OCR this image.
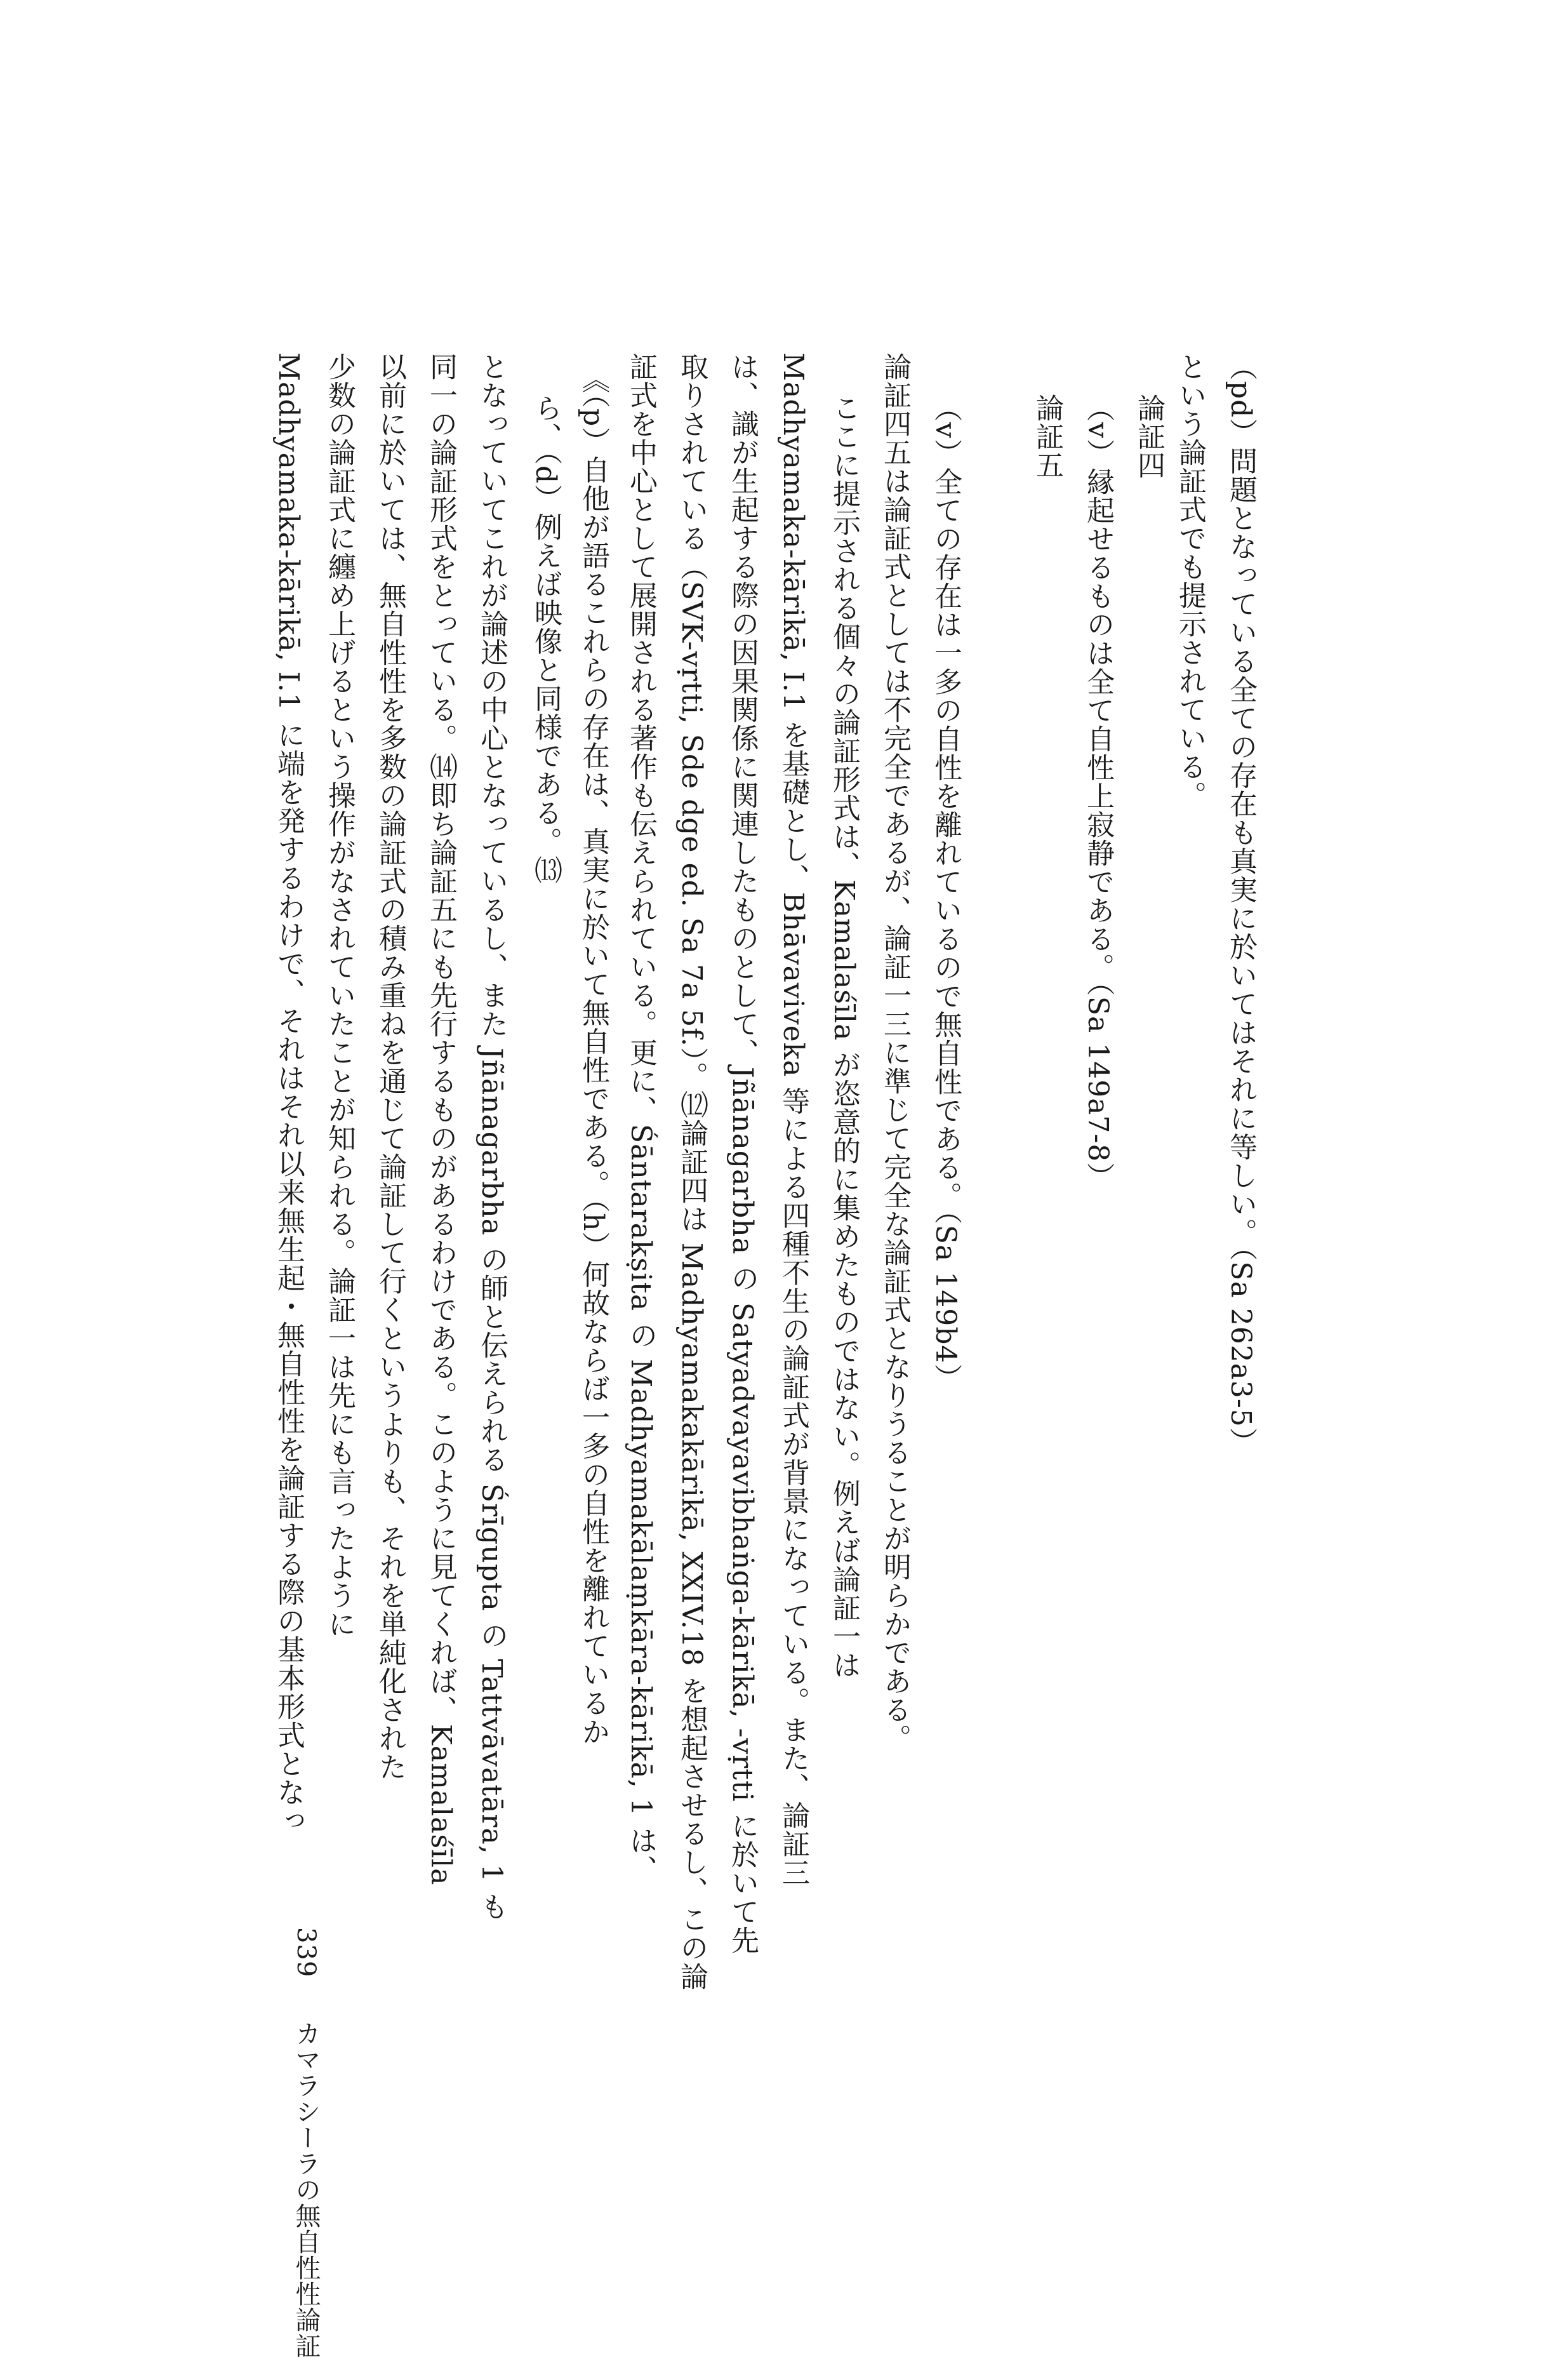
（pd）問題となっている全ての存在も真実に於いてはそれに等しい。（Sa 262a3-5）
という論証式でも提示されている。
論証四
（v）縁起せるものは全て自性上寂静である。（Sa 149a7-8）
論証五
（v）全ての存在は一多の自性を離れているので無自性である。（Sa 149b4）
論証四五は論証式としては不完全であるが、論証一三に準じて完全な論証式となりうることが明らかである。
ここに提示される個々の論証形式は、Kamalaśīla が恣意的に集めたものではない。例えば論証一は
Madhyamaka-kārikā, I.1 を基礎とし、Bhāvaviveka 等による四種不生の論証式が背景になっている。また、論証三
は、識が生起する際の因果関係に関連したものとして、Jñānagarbha の Satyadvayavibhaṅga-kārikā, -vṛtti に於いて先
取りされている（SVK-vṛtti, Sde dge ed. Sa 7a 5f.）。⑿論証四は Madhyamakakārikā, XXIV.18 を想起させるし、この論
証式を中心として展開される著作も伝えられている。更に、Śāntarakṣita の Madhyamakālaṃkāra-kārikā, 1 は、
《（p）自他が語るこれらの存在は、真実に於いて無自性である。（h）何故ならば一多の自性を離れているか
ら、（d）例えば映像と同様である。⒀
となっていてこれが論述の中心となっているし、また Jñānagarbha の師と伝えられる Śrīgupta の Tattvāvatāra, 1 も
同一の論証形式をとっている。⒁即ち論証五にも先行するものがあるわけである。このように見てくれば、Kamalaśīla
以前に於いては、無自性性を多数の論証式の積み重ねを通じて論証して行くというよりも、それを単純化された
少数の論証式に纏め上げるという操作がなされていたことが知られる。論証一は先にも言ったように
Madhyamaka-kārikā, I.1 に端を発するわけで、それはそれ以来無生起・無自性性を論証する際の基本形式となっ
339  カマラシーラの無自性性論証
